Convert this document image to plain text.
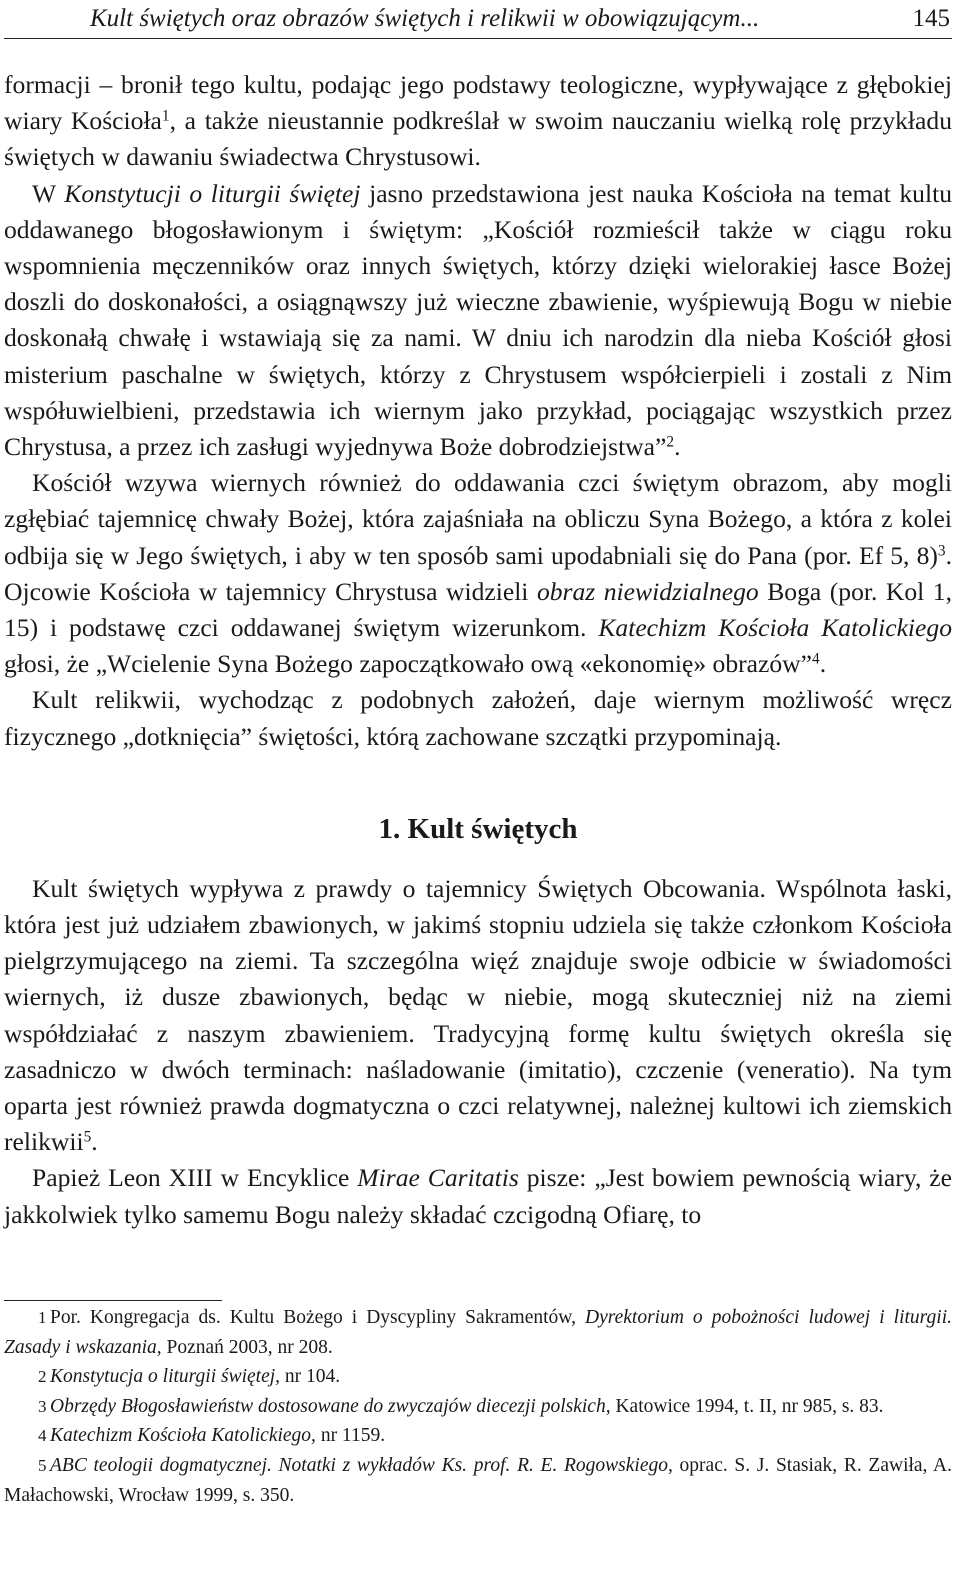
Kult świętych oraz obrazów świętych i relikwii w obowiązującym...	145

formacji – bronił tego kultu, podając jego podstawy teologiczne, wypływające z głębokiej wiary Kościoła$^1$, a także nieustannie podkreślał w swoim nauczaniu wielką rolę przykładu świętych w dawaniu świadectwa Chrystusowi.

W Konstytucji o liturgii świętej jasno przedstawiona jest nauka Kościoła na temat kultu oddawanego błogosławionym i świętym: „Kościół rozmieścił także w ciągu roku wspomnienia męczenników oraz innych świętych, którzy dzięki wielorakiej łasce Bożej doszli do doskonałości, a osiągnąwszy już wieczne zbawienie, wyśpiewują Bogu w niebie doskonałą chwałę i wstawiają się za nami. W dniu ich narodzin dla nieba Kościół głosi misterium paschalne w świętych, którzy z Chrystusem współcierpieli i zostali z Nim współuwielbieni, przedstawia ich wiernym jako przykład, pociągając wszystkich przez Chrystusa, a przez ich zasługi wyjednywa Boże dobrodziejstwa”$^2$.

Kościół wzywa wiernych również do oddawania czci świętym obrazom, aby mogli zgłębiać tajemnicę chwały Bożej, która zajaśniała na obliczu Syna Bożego, a która z kolei odbija się w Jego świętych, i aby w ten sposób sami upodabniali się do Pana (por. Ef 5, 8)$^3$. Ojcowie Kościoła w tajemnicy Chrystusa widzieli obraz niewidzialnego Boga (por. Kol 1, 15) i podstawę czci oddawanej świętym wizerunkom. Katechizm Kościoła Katolickiego głosi, że „Wcielenie Syna Bożego zapoczątkowało ową «ekonomię» obrazów”$^4$.

Kult relikwii, wychodząc z podobnych założeń, daje wiernym możliwość wręcz fizycznego „dotknięcia” świętości, którą zachowane szczątki przypominają.

1. Kult świętych

Kult świętych wypływa z prawdy o tajemnicy Świętych Obcowania. Wspólnota łaski, która jest już udziałem zbawionych, w jakimś stopniu udziela się także członkom Kościoła pielgrzymującego na ziemi. Ta szczególna więź znajduje swoje odbicie w świadomości wiernych, iż dusze zbawionych, będąc w niebie, mogą skuteczniej niż na ziemi współdziałać z naszym zbawieniem. Tradycyjną formę kultu świętych określa się zasadniczo w dwóch terminach: naśladowanie (imitatio), czczenie (veneratio). Na tym oparta jest również prawda dogmatyczna o czci relatywnej, należnej kultowi ich ziemskich relikwii$^5$.

Papież Leon XIII w Encyklice Mirae Caritatis pisze: „Jest bowiem pewnością wiary, że jakkolwiek tylko samemu Bogu należy składać czcigodną Ofiarę, to

1 Por. Kongregacja ds. Kultu Bożego i Dyscypliny Sakramentów, Dyrektorium o pobożności ludowej i liturgii. Zasady i wskazania, Poznań 2003, nr 208.

2 Konstytucja o liturgii świętej, nr 104.

3 Obrzędy Błogosławieństw dostosowane do zwyczajów diecezji polskich, Katowice 1994, t. II, nr 985, s. 83.

4 Katechizm Kościoła Katolickiego, nr 1159.

5 ABC teologii dogmatycznej. Notatki z wykładów Ks. prof. R. E. Rogowskiego, oprac. S. J. Stasiak, R. Zawiła, A. Małachowski, Wrocław 1999, s. 350.
